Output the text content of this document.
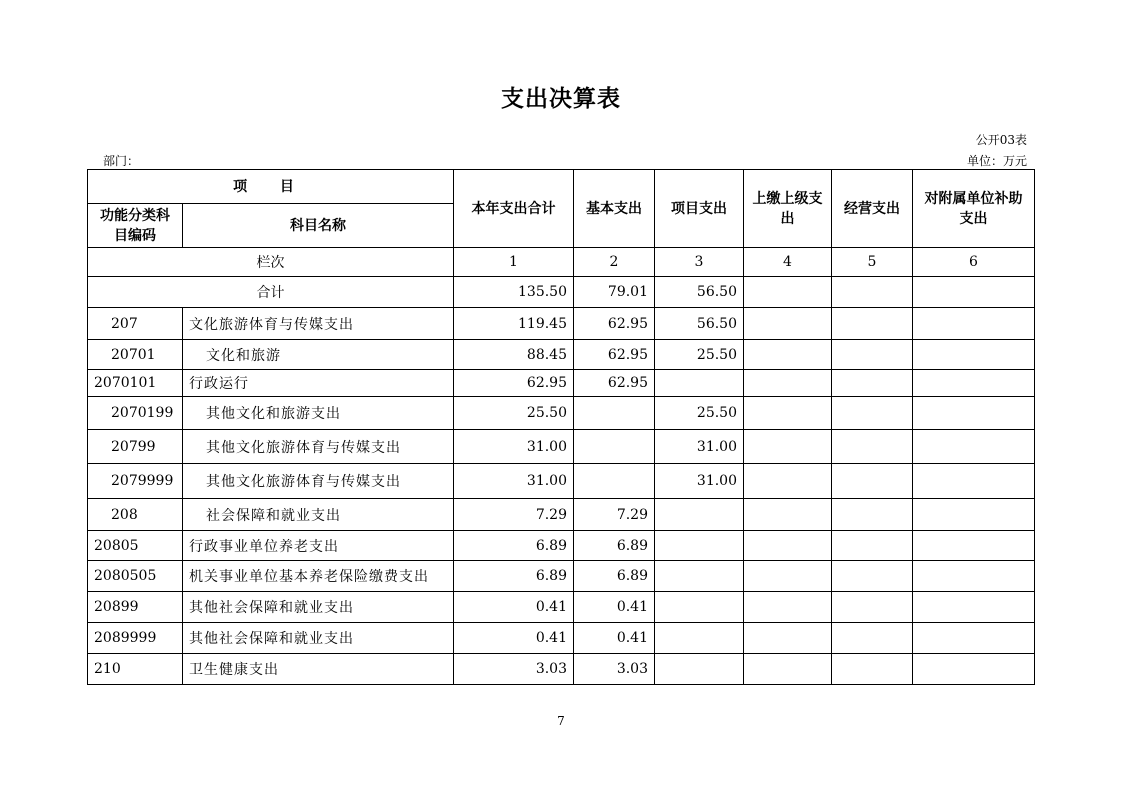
支出决算表
公开03表
部门：	单位：万元
项 目		本年支出合计	基本支出	项目支出	上缴上级支出	经营支出	对附属单位补助支出
功能分类科目编码	科目名称						
栏次		1	2	3	4	5	6
合计		135.50	79.01	56.50			
207	文化旅游体育与传媒支出	119.45	62.95	56.50			
20701	文化和旅游	88.45	62.95	25.50			
2070101	行政运行	62.95	62.95				
2070199	其他文化和旅游支出	25.50		25.50			
20799	其他文化旅游体育与传媒支出	31.00		31.00			
2079999	其他文化旅游体育与传媒支出	31.00		31.00			
208	社会保障和就业支出	7.29	7.29				
20805	行政事业单位养老支出	6.89	6.89				
2080505	机关事业单位基本养老保险缴费支出	6.89	6.89				
20899	其他社会保障和就业支出	0.41	0.41				
2089999	其他社会保障和就业支出	0.41	0.41				
210	卫生健康支出	3.03	3.03				
7
